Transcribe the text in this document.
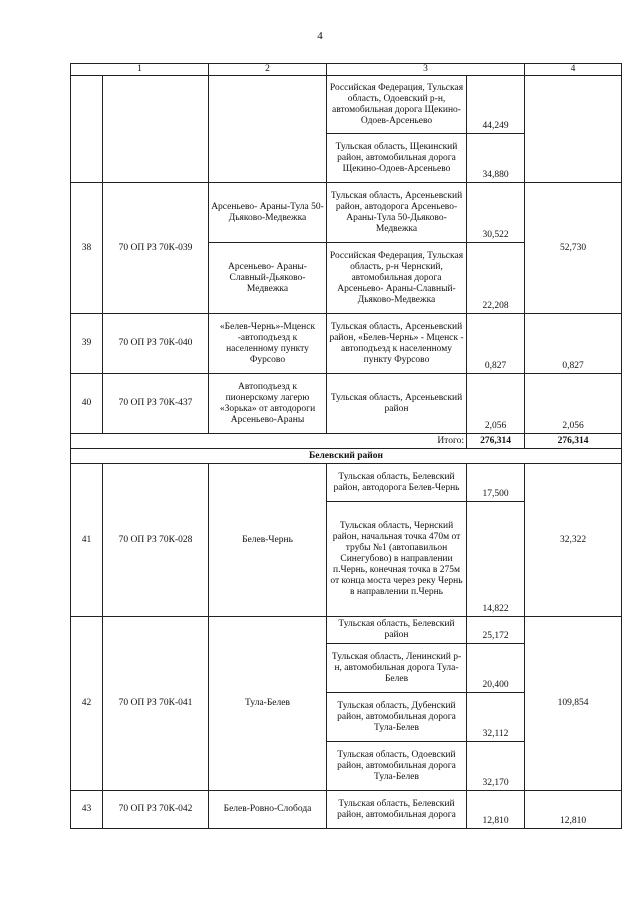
4
1		2	3		4
			Российская Федерация, Тульская область, Одоевский р-н, автомобильная дорога Щекино-Одоев-Арсеньево	44,249	
			Тульская область, Щекинский район, автомобильная дорога Щекино-Одоев-Арсеньево	34,880	
38	70 ОП РЗ 70К-039	Арсеньево- Араны-Тула 50-Дьяково-Медвежка	Тульская область, Арсеньевский район, автодорога Арсеньево-Араны-Тула 50-Дьяково-Медвежка	30,522	52,730
		Арсеньево- Араны-Славный-Дьяково-Медвежка	Российская Федерация, Тульская область, р-н Чернский, автомобильная дорога Арсеньево- Араны-Славный-Дьяково-Медвежка	22,208	
39	70 ОП РЗ 70К-040	«Белев-Чернь»-Мценск -автоподъезд к населенному пункту Фурсово	Тульская область, Арсеньевский район, «Белев-Чернь» - Мценск - автоподъезд к населенному пункту Фурсово	0,827	0,827
40	70 ОП РЗ 70К-437	Автоподъезд к пионерскому лагерю «Зорька» от автодороги Арсеньево-Араны	Тульская область, Арсеньевский район	2,056	2,056
Итого:				276,314	276,314
Белевский район					
41	70 ОП РЗ 70К-028	Белев-Чернь	Тульская область, Белевский район, автодорога Белев-Чернь	17,500	32,322
			Тульская область, Чернский район, начальная точка 470м от трубы №1 (автопавильон Синегубово) в направлении п.Чернь, конечная точка в 275м от конца моста через реку Чернь в направлении п.Чернь	14,822	
42	70 ОП РЗ 70К-041	Тула-Белев	Тульская область, Белевский район	25,172	109,854
			Тульская область, Ленинский р-н, автомобильная дорога Тула-Белев	20,400	
			Тульская область, Дубенский район, автомобильная дорога Тула-Белев	32,112	
			Тульская область, Одоевский район, автомобильная дорога Тула-Белев	32,170	
43	70 ОП РЗ 70К-042	Белев-Ровно-Слобода	Тульская область, Белевский район, автомобильная дорога	12,810	12,810
